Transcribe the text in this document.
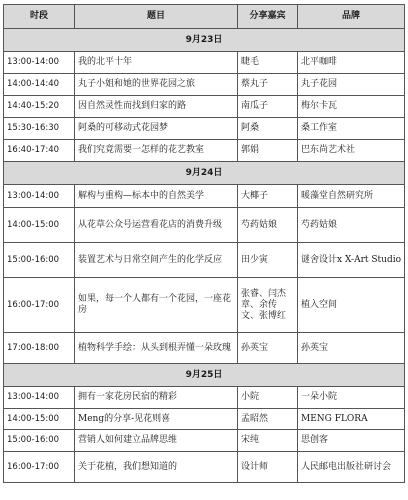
时段	题目	分享嘉宾	品牌
9月23日			
13:00-14:00	我的北平十年	睫毛	北平咖啡
14:00-14:40	丸子小姐和她的世界花园之旅	蔡丸子	丸子花园
14:40-15:20	因自然灵性而找到归家的路	南瓜子	梅尔卡瓦
15:30-16:30	阿桑的可移动式花园梦	阿桑	桑工作室
16:40-17:40	我们究竟需要一怎样的花艺教室	郭娟	巴东尚艺术社
9月24日			
13:00-14:00	解构与重构—标本中的自然美学	大椰子	暖藻堂自然研究所
14:00-15:00	从花草公众号运营看花店的消费升级	芍药姑娘	芍药姑娘
15:00-16:00	装置艺术与日常空间产生的化学反应	田少寅	谜舍设计x X-Art Studio
16:00-17:00	如果，每一个人都有一个花园，一座花房	张睿、闫杰章、余传文、张博红	植入空间
17:00-18:00	植物科学手绘：从头到根弄懂一朵玫瑰	孙英宝	孙英宝
9月25日			
13:00-14:00	拥有一家花房民宿的精彩	小院	一朵小院
14:00-15:00	Meng的分享-见花则喜	孟昭然	MENG FLORA
15:00-16:00	营销人如何建立品牌思维	宋纯	思创客
16:00-17:00	关于花植，我们想知道的	设计师	人民邮电出版社研讨会
